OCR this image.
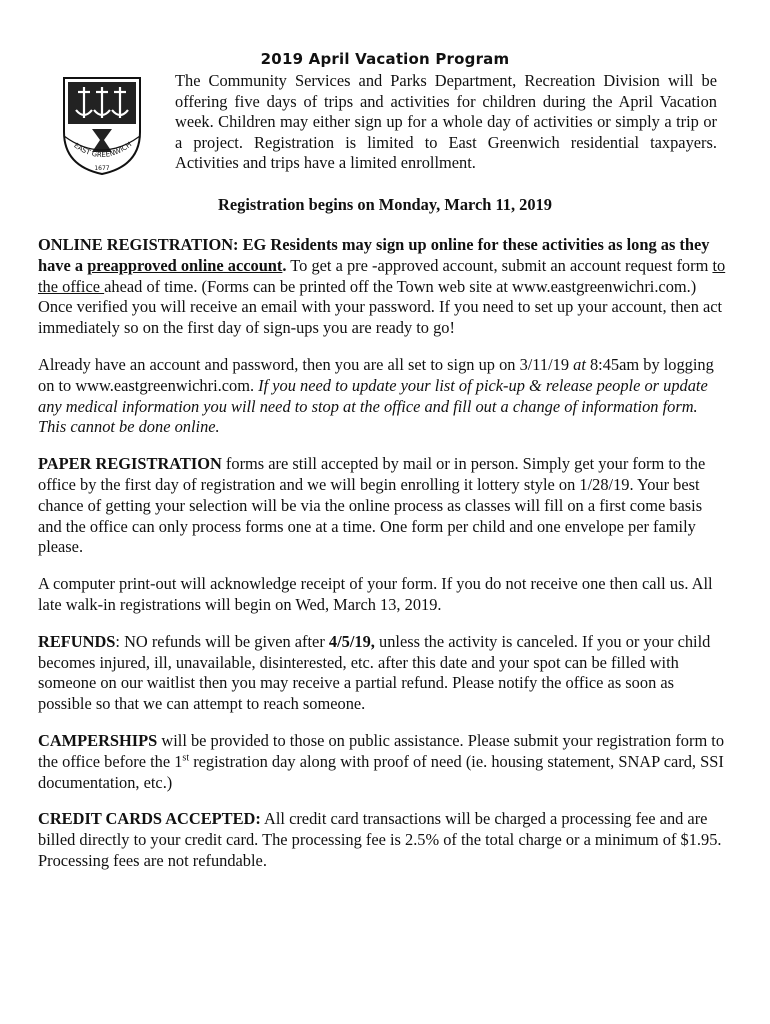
2019 April Vacation Program
EAST GREENWICH
1677

The Community Services and Parks Department, Recreation Division will be offering five days of trips and activities for children during the April Vacation week. Children may either sign up for a whole day of activities or simply a trip or a project. Registration is limited to East Greenwich residential taxpayers. Activities and trips have a limited enrollment.

Registration begins on Monday, March 11, 2019

ONLINE REGISTRATION: EG Residents may sign up online for these activities as long as they have a preapproved online account. To get a pre -approved account, submit an account request form to the office ahead of time. (Forms can be printed off the Town web site at www.eastgreenwichri.com.) Once verified you will receive an email with your password. If you need to set up your account, then act immediately so on the first day of sign-ups you are ready to go!

Already have an account and password, then you are all set to sign up on 3/11/19 at 8:45am by logging on to www.eastgreenwichri.com. If you need to update your list of pick-up & release people or update any medical information you will need to stop at the office and fill out a change of information form. This cannot be done online.

PAPER REGISTRATION forms are still accepted by mail or in person. Simply get your form to the office by the first day of registration and we will begin enrolling it lottery style on 1/28/19. Your best chance of getting your selection will be via the online process as classes will fill on a first come basis and the office can only process forms one at a time. One form per child and one envelope per family please.

A computer print-out will acknowledge receipt of your form. If you do not receive one then call us. All late walk-in registrations will begin on Wed, March 13, 2019.

REFUNDS: NO refunds will be given after 4/5/19, unless the activity is canceled. If you or your child becomes injured, ill, unavailable, disinterested, etc. after this date and your spot can be filled with someone on our waitlist then you may receive a partial refund. Please notify the office as soon as possible so that we can attempt to reach someone.

CAMPERSHIPS will be provided to those on public assistance. Please submit your registration form to the office before the 1st registration day along with proof of need (ie. housing statement, SNAP card, SSI documentation, etc.)

CREDIT CARDS ACCEPTED: All credit card transactions will be charged a processing fee and are billed directly to your credit card. The processing fee is 2.5% of the total charge or a minimum of $1.95. Processing fees are not refundable.
